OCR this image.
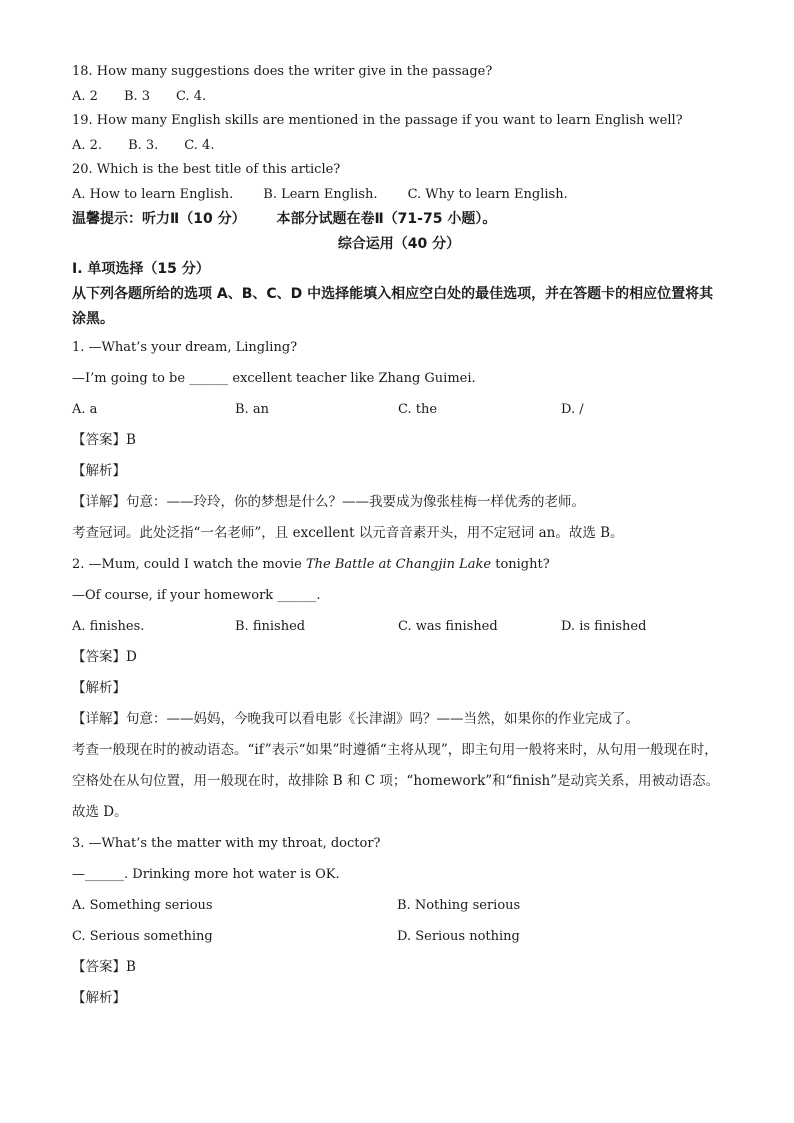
18. How many suggestions does the writer give in the passage?
A. 2 B. 3 C. 4.
19. How many English skills are mentioned in the passage if you want to learn English well?
A. 2. B. 3. C. 4.
20. Which is the best title of this article?
A. How to learn English. B. Learn English. C. Why to learn English.
温馨提示：听力Ⅱ（10 分） 本部分试题在卷Ⅱ（71-75 小题）。
综合运用（40 分）
Ⅰ. 单项选择（15 分）
从下列各题所给的选项 A、B、C、D 中选择能填入相应空白处的最佳选项，并在答题卡的相应位置将其涂黑。
1. —What’s your dream, Lingling?
—I’m going to be ______ excellent teacher like Zhang Guimei.
A. a	B. an	C. the	D. /
【答案】B
【解析】
【详解】句意：——玲玲，你的梦想是什么？——我要成为像张桂梅一样优秀的老师。
考查冠词。此处泛指“一名老师”，且 excellent 以元音音素开头，用不定冠词 an。故选 B。
2. —Mum, could I watch the movie The Battle at Changjin Lake tonight?
—Of course, if your homework ______.
A. finishes.	B. finished	C. was finished	D. is finished
【答案】D
【解析】
【详解】句意：——妈妈，今晚我可以看电影《长津湖》吗？——当然，如果你的作业完成了。
考查一般现在时的被动语态。“if”表示“如果”时遵循“主将从现”，即主句用一般将来时，从句用一般现在时，空格处在从句位置，用一般现在时，故排除 B 和 C 项；“homework”和“finish”是动宾关系，用被动语态。故选 D。
3. —What’s the matter with my throat, doctor?
—______. Drinking more hot water is OK.
A. Something serious	B. Nothing serious
C. Serious something	D. Serious nothing
【答案】B
【解析】
